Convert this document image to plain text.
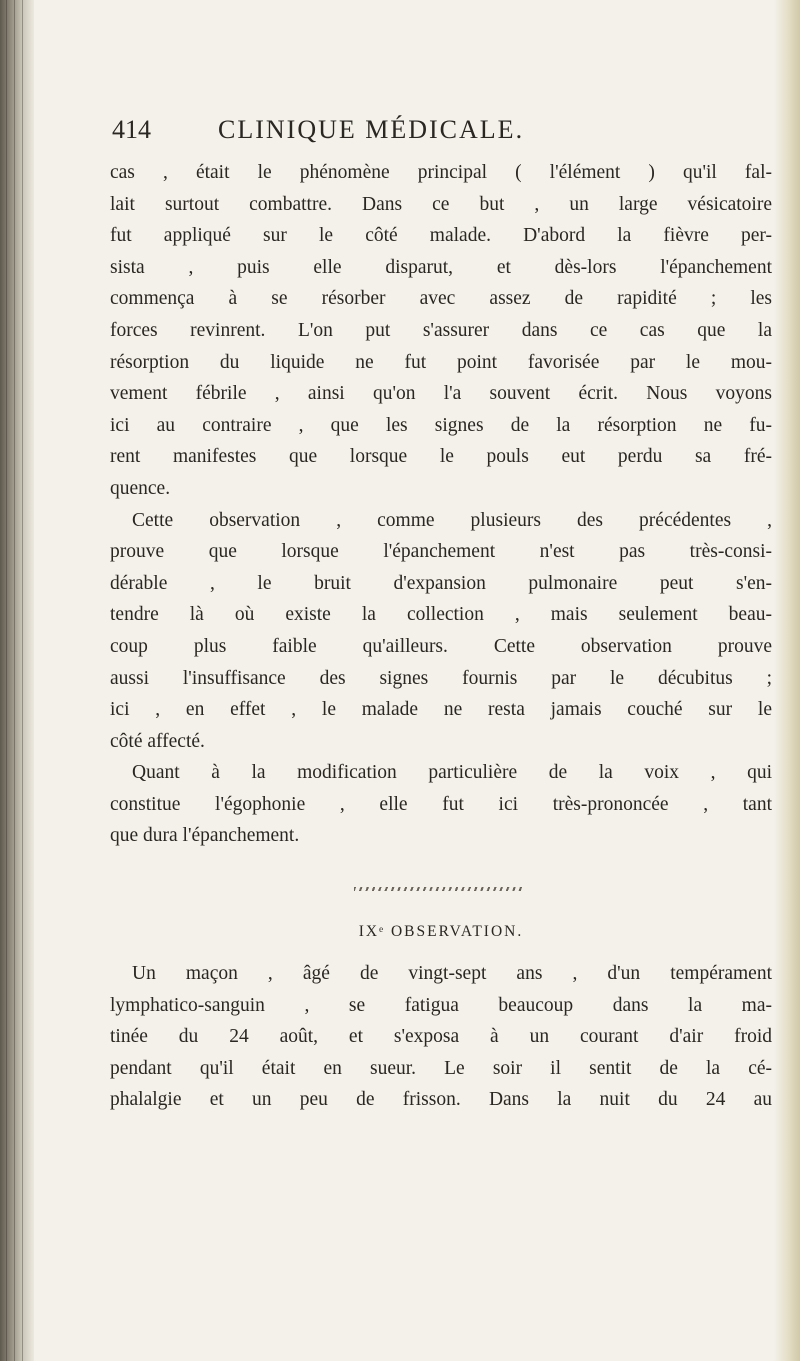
414	CLINIQUE MÉDICALE.
cas , était le phénomène principal ( l'élément ) qu'il fal-
lait surtout combattre. Dans ce but , un large vésicatoire
fut appliqué sur le côté malade. D'abord la fièvre per-
sista , puis elle disparut, et dès-lors l'épanchement
commença à se résorber avec assez de rapidité ; les
forces revinrent. L'on put s'assurer dans ce cas que la
résorption du liquide ne fut point favorisée par le mou-
vement fébrile , ainsi qu'on l'a souvent écrit. Nous voyons
ici au contraire , que les signes de la résorption ne fu-
rent manifestes que lorsque le pouls eut perdu sa fré-
quence.
Cette observation , comme plusieurs des précédentes ,
prouve que lorsque l'épanchement n'est pas très-consi-
dérable , le bruit d'expansion pulmonaire peut s'en-
tendre là où existe la collection , mais seulement beau-
coup plus faible qu'ailleurs. Cette observation prouve
aussi l'insuffisance des signes fournis par le décubitus ;
ici , en effet , le malade ne resta jamais couché sur le
côté affecté.
Quant à la modification particulière de la voix , qui
constitue l'égophonie , elle fut ici très-prononcée , tant
que dura l'épanchement.
IXᵉ OBSERVATION.
Un maçon , âgé de vingt-sept ans , d'un tempérament
lymphatico-sanguin , se fatigua beaucoup dans la ma-
tinée du 24 août, et s'exposa à un courant d'air froid
pendant qu'il était en sueur. Le soir il sentit de la cé-
phalalgie et un peu de frisson. Dans la nuit du 24 au
